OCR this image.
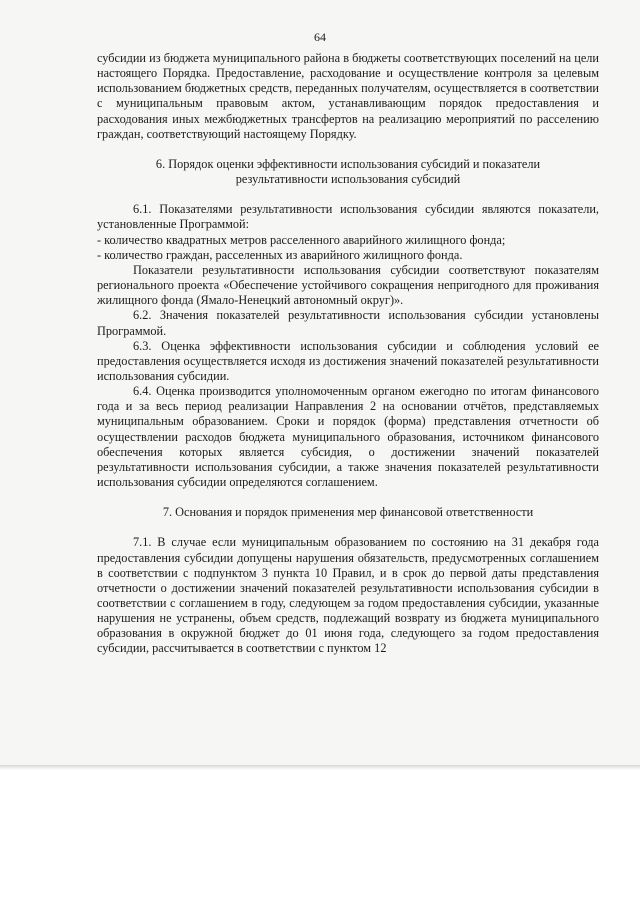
64

субсидии из бюджета муниципального района в бюджеты соответствующих поселений на цели настоящего Порядка. Предоставление, расходование и осуществление контроля за целевым использованием бюджетных средств, переданных получателям, осуществляется в соответствии с муниципальным правовым актом, устанавливающим порядок предоставления и расходования иных межбюджетных трансфертов на реализацию мероприятий по расселению граждан, соответствующий настоящему Порядку.

6. Порядок оценки эффективности использования субсидий и показатели результативности использования субсидий

6.1. Показателями результативности использования субсидии являются показатели, установленные Программой:

- количество квадратных метров расселенного аварийного жилищного фонда;

- количество граждан, расселенных из аварийного жилищного фонда.

Показатели результативности использования субсидии соответствуют показателям регионального проекта «Обеспечение устойчивого сокращения непригодного для проживания жилищного фонда (Ямало-Ненецкий автономный округ)».

6.2. Значения показателей результативности использования субсидии установлены Программой.

6.3. Оценка эффективности использования субсидии и соблюдения условий ее предоставления осуществляется исходя из достижения значений показателей результативности использования субсидии.

6.4. Оценка производится уполномоченным органом ежегодно по итогам финансового года и за весь период реализации Направления 2 на основании отчётов, представляемых муниципальным образованием. Сроки и порядок (форма) представления отчетности об осуществлении расходов бюджета муниципального образования, источником финансового обеспечения которых является субсидия, о достижении значений показателей результативности использования субсидии, а также значения показателей результативности использования субсидии определяются соглашением.

7. Основания и порядок применения мер финансовой ответственности

7.1. В случае если муниципальным образованием по состоянию на 31 декабря года предоставления субсидии допущены нарушения обязательств, предусмотренных соглашением в соответствии с подпунктом 3 пункта 10 Правил, и в срок до первой даты представления отчетности о достижении значений показателей результативности использования субсидии в соответствии с соглашением в году, следующем за годом предоставления субсидии, указанные нарушения не устранены, объем средств, подлежащий возврату из бюджета муниципального образования в окружной бюджет до 01 июня года, следующего за годом предоставления субсидии, рассчитывается в соответствии с пунктом 12
